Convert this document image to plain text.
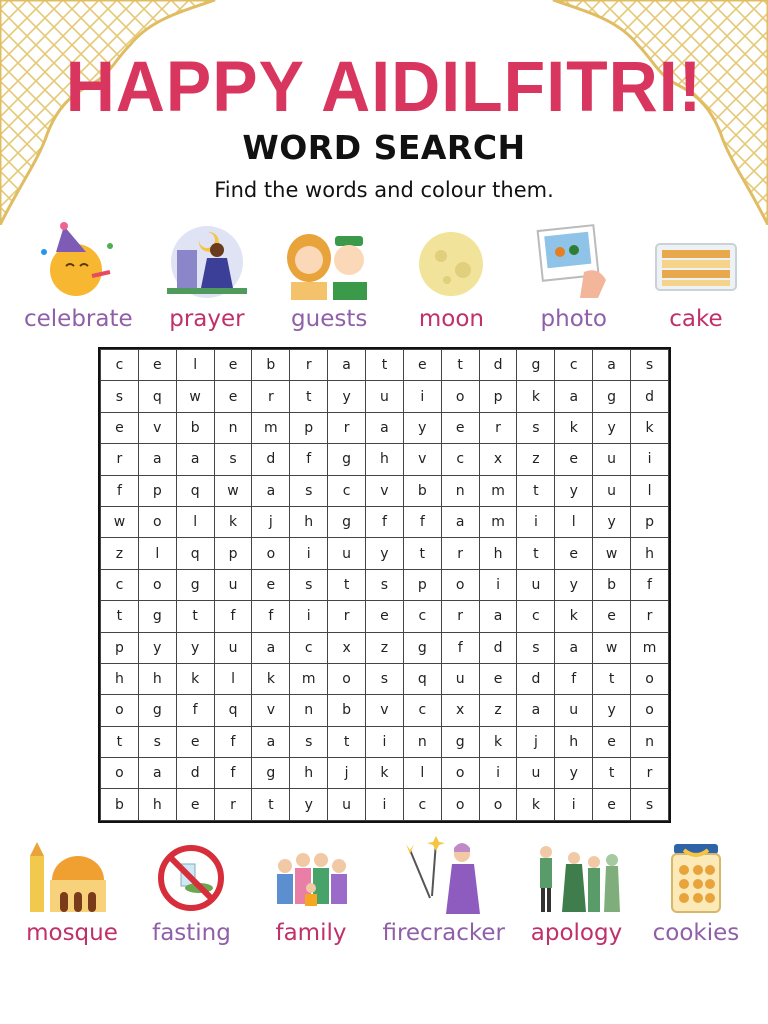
HAPPY AIDILFITRI!
WORD SEARCH

Find the words and colour them.

celebrate prayer guests moon photo	cake
c	e	l	e	b	r	a	t	e	t	d	g	c	a	s
s	q	w	e	r	t	y	u	i	o	p	k	a	g	d
e	v	b	n	m	p	r	a	y	e	r	s	k	y	k
r	a	a	s	d	f	g	h	v	c	x	z	e	u	i
f	p	q	w	a	s	c	v	b	n	m	t	y	u	l
w	o	l	k	j	h	g	f	f	a	m	i	l	y	p
z	l	q	p	o	i	u	y	t	r	h	t	e	w	h
c	o	g	u	e	s	t	s	p	o	i	u	y	b	f
t	g	t	f	f	i	r	e	c	r	a	c	k	e	r
p	y	y	u	a	c	x	z	g	f	d	s	a	w	m
h	h	k	l	k	m	o	s	q	u	e	d	f	t	o
o	g	f	q	v	n	b	v	c	x	z	a	u	y	o
t	s	e	f	a	s	t	i	n	g	k	j	h	e	n
o	a	d	f	g	h	j	k	l	o	i	u	y	t	r
b	h	e	r	t	y	u	i	c	o	o	k	i	e	s
mosque fasting family firecracker apology cookies
